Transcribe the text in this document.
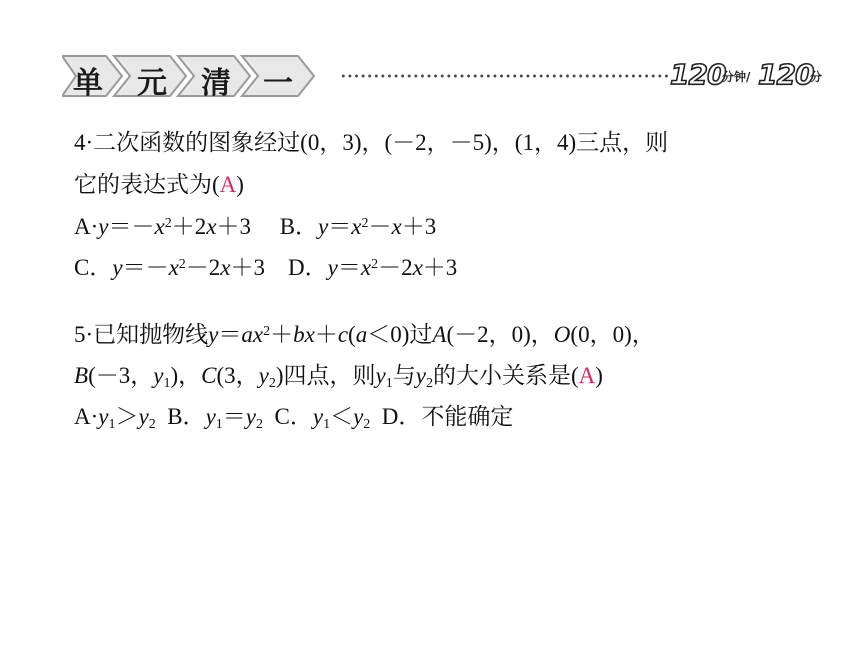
单 元 清 一	120
分钟/ 120
分
4·二次函数的图象经过(0，3)，(－2，－5)，(1，4)三点，则
它的表达式为(A)
$A\cdot y=-x^2+2x+3$     B．$y=x^2-x+3$
C．$y=-x^2-2x+3$    D．$y=x^2-2x+3$
5·已知抛物线$y=ax^2+bx+c(a<0)$过A(－2，0)，O(0，0)，
B(－3，$y_1$)，C(3，$y_2$)四点，则$y_1$与$y_2$的大小关系是(A)
$A\cdot y_1>y_2$ B．$y_1=y_2$ C．$y_1<y_2$ D．不能确定
